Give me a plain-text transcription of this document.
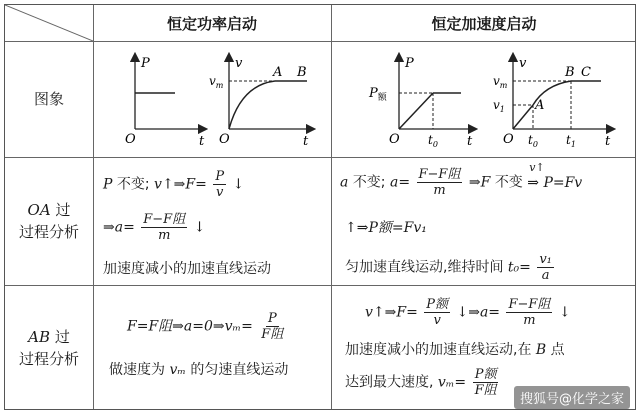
恒定功率启动	恒定加速度启动
图象
OA 过
过程分析
AB 过
过程分析
P
t
O
v
t
O
$v_m$
A B
P
t
O
$P_额$
$t_0$
v
t
O
$v_m$
$v_1$ A
B C
$t_0$ $t_1$
P 不变; v↑⇒F= $\frac{P}{v}$ ↓
⇒a= $\frac{\text{F−F阻}}{m}$ ↓
加速度减小的加速直线运动
a 不变; $a= \frac{\text{F−F阻}}{m}$ ⇒F 不变
v↑
⇒ P=Fv
↑⇒P额=Fv₁
匀加速直线运动,维持时间 $t_0= \frac{\text{v₁}}{a}$
F=F阻⇒a=0⇒vₘ= $\frac{P}{\text{F阻}}$
做速度为 vₘ 的匀速直线运动
v↑⇒F= $\frac{\text{P额}}{v}$ ↓⇒a= $\frac{\text{F−F阻}}{m}$ ↓
加速度减小的加速直线运动,在 B 点
达到最大速度, $v_m= \frac{\text{P额}}{\text{F阻}}$
搜狐号@化学之家
